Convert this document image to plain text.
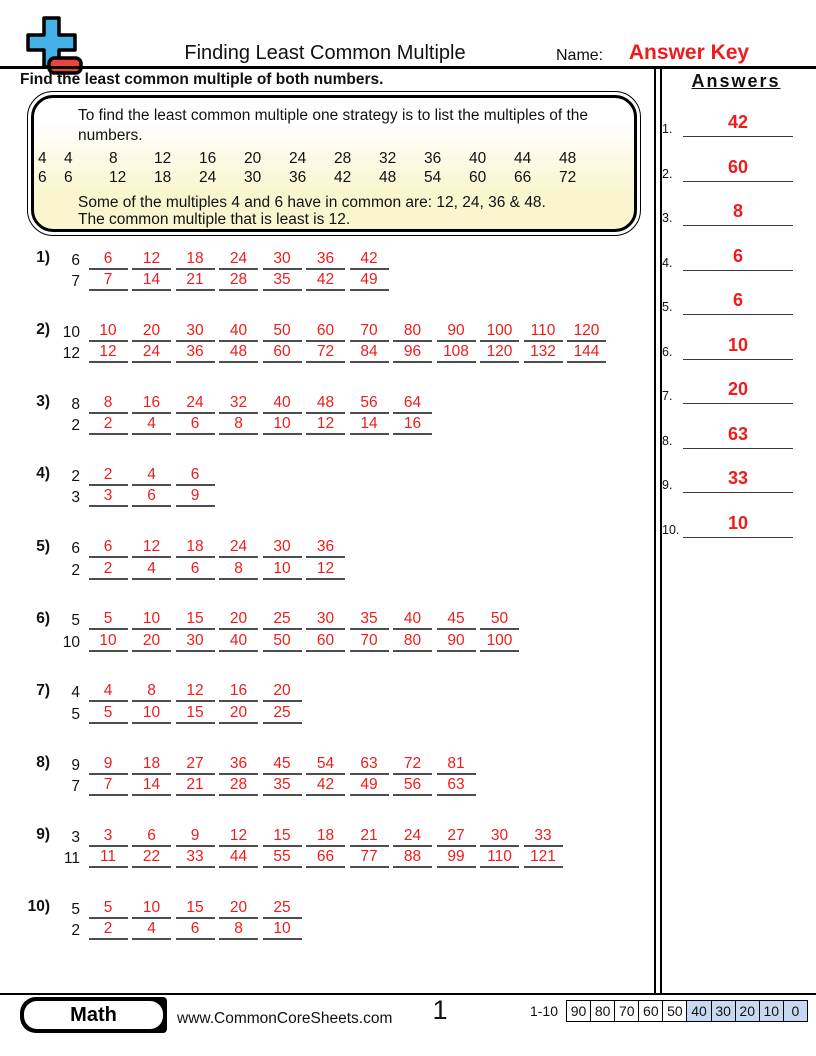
Finding Least Common Multiple	Name: Answer Key
Find the least common multiple of both numbers.
To find the least common multiple one strategy is to list the multiples of the
numbers.
4	4	8	12	16	20	24	28	32	36	40	44	48
6	6	12	18	24	30	36	42	48	54	60	66	72
Some of the multiples 4 and 6 have in common are: 12, 24, 36 & 48.
The common multiple that is least is 12.
1)	6	6	12	18	24	30	36	42
7	7	14	21	28	35	42	49
2) 10	10	20	30	40	50	60	70	80	90	100	110	120
12	12	24	36	48	60	72	84	96	108	120	132	144
3)	8	8	16	24	32	40	48	56	64
2	2	4	6	8	10	12	14	16
4)	2	2	4	6
3	3	6	9
5)	6	6	12	18	24	30	36
2	2	4	6	8	10	12
6)	5	5	10	15	20	25	30	35	40	45	50
10	10	20	30	40	50	60	70	80	90	100
7)	4	4	8	12	16	20
5	5	10	15	20	25
8)	9	9	18	27	36	45	54	63	72	81
7	7	14	21	28	35	42	49	56	63
9)	3	3	6	9	12	15	18	21	24	27	30	33
11	11	22	33	44	55	66	77	88	99	110	121
10)	5	5	10	15	20	25
2	2	4	6	8	10
Answers
1.	42
2.	60
3.	8
4.	6
5.	6
6.	10
7.	20
8.	63
9.	33
10.	10
Math	www.CommonCoreSheets.com	1	1-10 90 80 70 60 50 40 30 20 10 0
